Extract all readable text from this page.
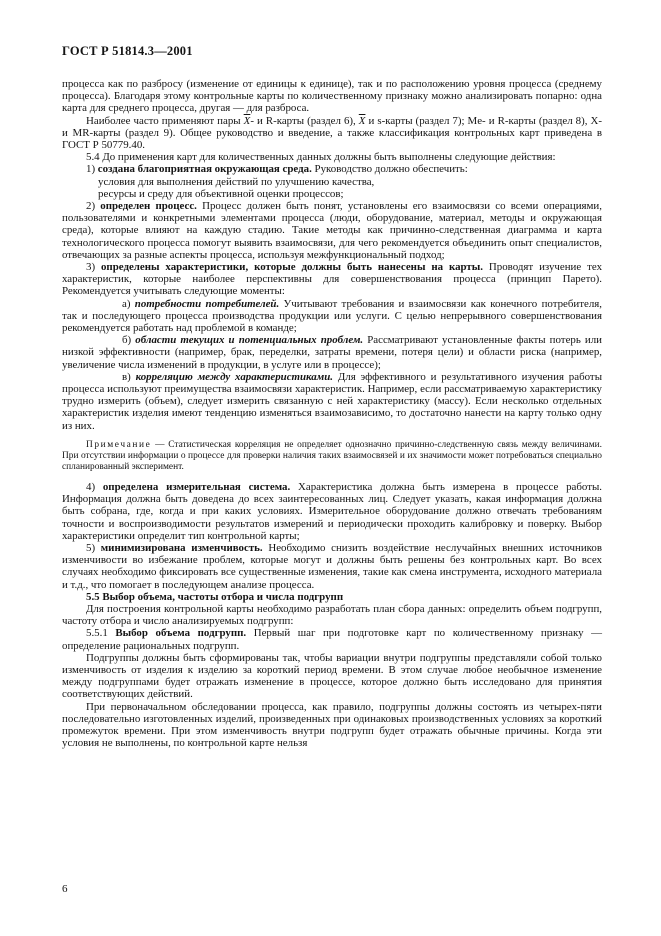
ГОСТ Р 51814.3—2001

процесса как по разбросу (изменение от единицы к единице), так и по расположению уровня процесса (среднему процесса). Благодаря этому контрольные карты по количественному признаку можно анализировать попарно: одна карта для среднего процесса, другая — для разброса.

Наиболее часто применяют пары $\overline{X}-$ и R-карты (раздел 6), $\overline{X}$ и s-карты (раздел 7); Me- и R-карты (раздел 8), X- и MR-карты (раздел 9). Общее руководство и введение, а также классификация контрольных карт приведена в ГОСТ Р 50779.40.

5.4 До применения карт для количественных данных должны быть выполнены следующие действия:

1) создана благоприятная окружающая среда. Руководство должно обеспечить:

условия для выполнения действий по улучшению качества,

ресурсы и среду для объективной оценки процессов;

2) определен процесс. Процесс должен быть понят, установлены его взаимосвязи со всеми операциями, пользователями и конкретными элементами процесса (люди, оборудование, материал, методы и окружающая среда), которые влияют на каждую стадию. Такие методы как причинно-следственная диаграмма и карта технологического процесса помогут выявить взаимосвязи, для чего рекомендуется объединить опыт специалистов, отвечающих за разные аспекты процесса, используя межфункциональный подход;

3) определены характеристики, которые должны быть нанесены на карты. Проводят изучение тех характеристик, которые наиболее перспективны для совершенствования процесса (принцип Парето). Рекомендуется учитывать следующие моменты:

а) потребности потребителей. Учитывают требования и взаимосвязи как конечного потребителя, так и последующего процесса производства продукции или услуги. С целью непрерывного совершенствования рекомендуется работать над проблемой в команде;

б) области текущих и потенциальных проблем. Рассматривают установленные факты потерь или низкой эффективности (например, брак, переделки, затраты времени, потеря цели) и области риска (например, увеличение числа изменений в продукции, в услуге или в процессе);

в) корреляцию между характеристиками. Для эффективного и результативного изучения работы процесса используют преимущества взаимосвязи характеристик. Например, если рассматриваемую характеристику трудно измерить (объем), следует измерить связанную с ней характеристику (массу). Если несколько отдельных характеристик изделия имеют тенденцию изменяться взаимозависимо, то достаточно нанести на карту только одну из них.

Примечание — Статистическая корреляция не определяет однозначно причинно-следственную связь между величинами. При отсутствии информации о процессе для проверки наличия таких взаимосвязей и их значимости может потребоваться специально спланированный эксперимент.

4) определена измерительная система. Характеристика должна быть измерена в процессе работы. Информация должна быть доведена до всех заинтересованных лиц. Следует указать, какая информация должна быть собрана, где, когда и при каких условиях. Измерительное оборудование должно отвечать требованиям точности и воспроизводимости результатов измерений и периодически проходить калибровку и поверку. Выбор характеристики определит тип контрольной карты;

5) минимизирована изменчивость. Необходимо снизить воздействие неслучайных внешних источников изменчивости во избежание проблем, которые могут и должны быть решены без контрольных карт. Во всех случаях необходимо фиксировать все существенные изменения, такие как смена инструмента, исходного материала и т.д., что помогает в последующем анализе процесса.

5.5 Выбор объема, частоты отбора и числа подгрупп

Для построения контрольной карты необходимо разработать план сбора данных: определить объем подгрупп, частоту отбора и число анализируемых подгрупп:

5.5.1 Выбор объема подгрупп. Первый шаг при подготовке карт по количественному признаку — определение рациональных подгрупп.

Подгруппы должны быть сформированы так, чтобы вариации внутри подгруппы представляли собой только изменчивость от изделия к изделию за короткий период времени. В этом случае любое необычное изменение между подгруппами будет отражать изменение в процессе, которое должно быть исследовано для принятия соответствующих действий.

При первоначальном обследовании процесса, как правило, подгруппы должны состоять из четырех-пяти последовательно изготовленных изделий, произведенных при одинаковых производственных условиях за короткий промежуток времени. При этом изменчивость внутри подгрупп будет отражать обычные причины. Когда эти условия не выполнены, по контрольной карте нельзя

6
